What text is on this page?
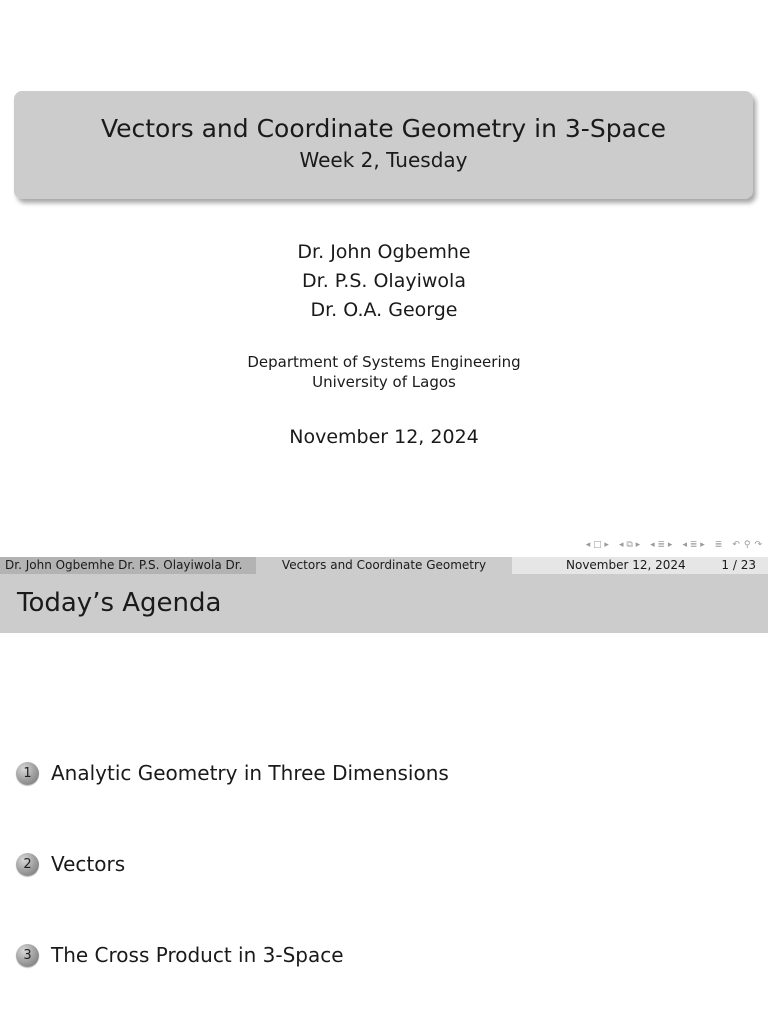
Vectors and Coordinate Geometry in 3-Space
Week 2, Tuesday
Dr. John Ogbemhe
Dr. P.S. Olayiwola
Dr. O.A. George
Department of Systems Engineering
University of Lagos
November 12, 2024
◂ □ ▸ ◂ ⧉ ▸ ◂ ≣ ▸ ◂ ≣ ▸ ≣ ↶ ⚲ ↷
Dr. John Ogbemhe Dr. P.S. Olayiwola Dr.	Vectors and Coordinate Geometry	November 12, 2024	1 / 23
Today’s Agenda
1 Analytic Geometry in Three Dimensions
2 Vectors
3 The Cross Product in 3-Space
